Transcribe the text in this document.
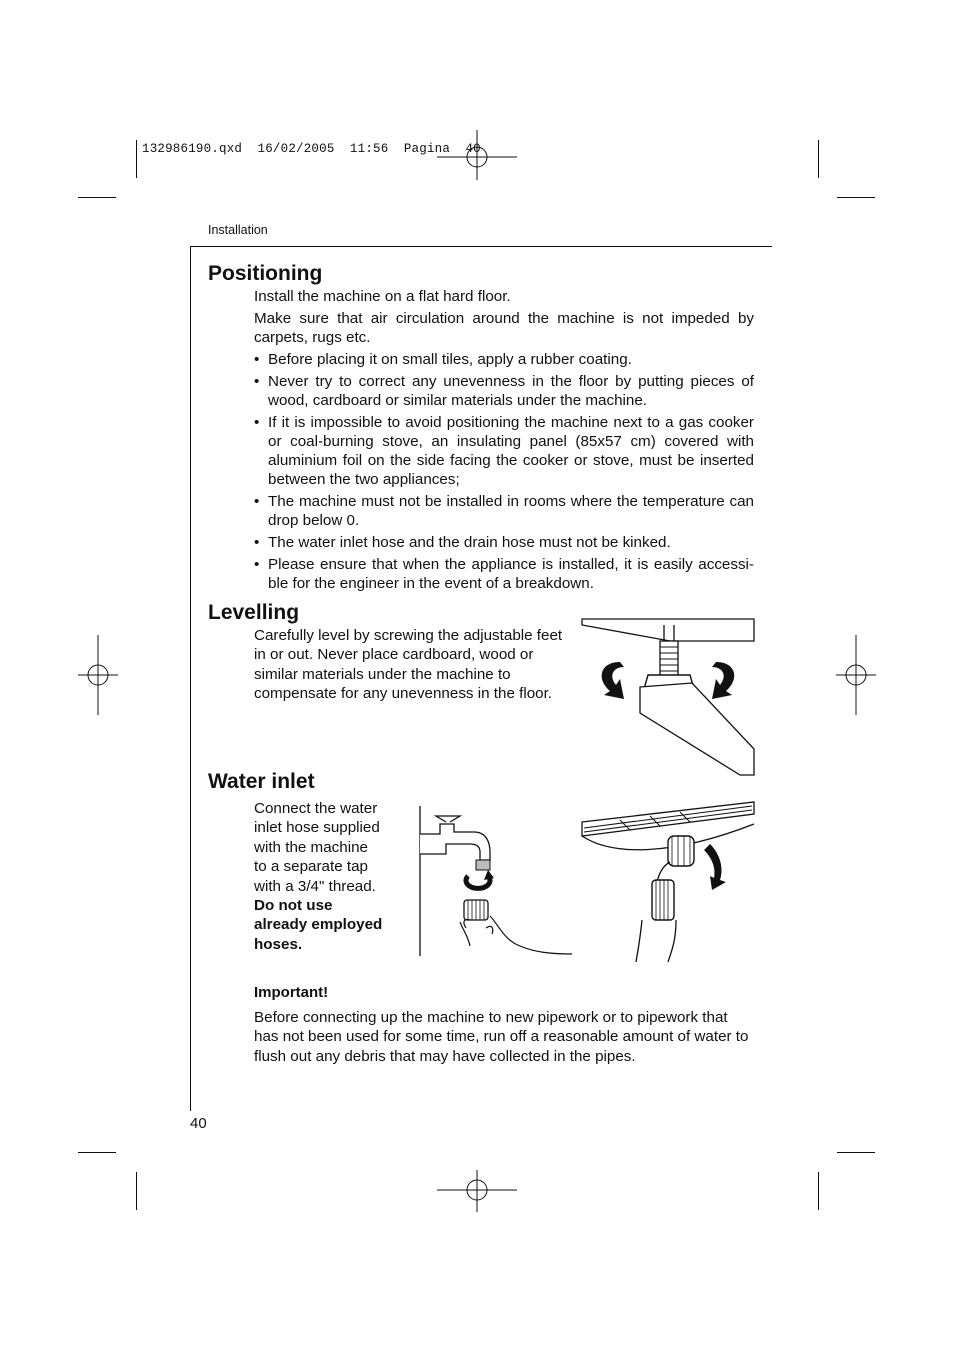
132986190.qxd  16/02/2005  11:56  Pagina  40
Installation
Positioning

Install the machine on a flat hard floor.

Make sure that air circulation around the machine is not impeded by carpets, rugs etc.

• Before placing it on small tiles, apply a rubber coating.
• Never try to correct any unevenness in the floor by putting pieces of wood, cardboard or similar materials under the machine.
• If it is impossible to avoid positioning the machine next to a gas cooker or coal-burning stove, an insulating panel (85x57 cm) covered with aluminium foil on the side facing the cooker or stove, must be inserted between the two appliances;
• The machine must not be installed in rooms where the temperature can drop below 0.
• The water inlet hose and the drain hose must not be kinked.
• Please ensure that when the appliance is installed, it is easily accessi-ble for the engineer in the event of a breakdown.
Levelling

Carefully level by screwing the adjustable feet in or out. Never place cardboard, wood or similar materials under the machine to compensate for any unevenness in the floor.

Water inlet

Connect the water inlet hose supplied with the machine to a separate tap with a 3/4" thread. Do not use already employed hoses.

Important!

Before connecting up the machine to new pipework or to pipework that has not been used for some time, run off a reasonable amount of water to flush out any debris that may have collected in the pipes.

40
